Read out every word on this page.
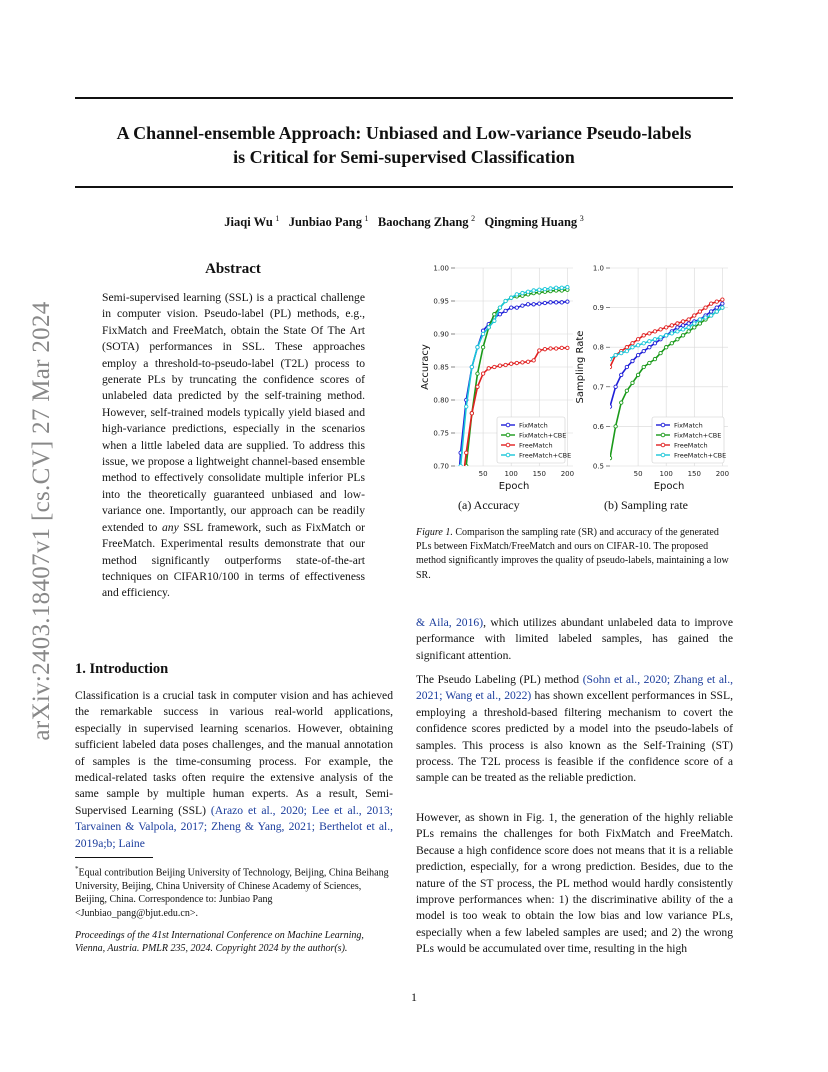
arXiv:2403.18407v1 [cs.CV] 27 Mar 2024
A Channel-ensemble Approach: Unbiased and Low-variance Pseudo-labels
is Critical for Semi-supervised Classification
Jiaqi Wu  $^1$ Junbiao Pang  $^1$ Baochang Zhang  $^2$ Qingming Huang  $^3$
Abstract
Semi-supervised learning (SSL) is a practical challenge in computer vision. Pseudo-label (PL) methods, e.g., FixMatch and FreeMatch, obtain the State Of The Art (SOTA) performances in SSL. These approaches employ a threshold-to-pseudo-label (T2L) process to generate PLs by truncating the confidence scores of unlabeled data predicted by the self-training method. However, self-trained models typically yield biased and high-variance predictions, especially in the scenarios when a little labeled data are supplied. To address this issue, we propose a lightweight channel-based ensemble method to effectively consolidate multiple inferior PLs into the theoretically guaranteed unbiased and low-variance one. Importantly, our approach can be readily extended to any SSL framework, such as FixMatch or FreeMatch. Experimental results demonstrate that our method significantly outperforms state-of-the-art techniques on CIFAR10/100 in terms of effectiveness and efficiency.
1. Introduction
Classification is a crucial task in computer vision and has achieved the remarkable success in various real-world applications, especially in supervised learning scenarios. However, obtaining sufficient labeled data poses challenges, and the manual annotation of samples is the time-consuming process. For example, the medical-related tasks often require the extensive analysis of the same sample by multiple human experts. As a result, Semi-Supervised Learning (SSL) (Arazo et al., 2020; Lee et al., 2013; Tarvainen & Valpola, 2017; Zheng & Yang, 2021; Berthelot et al., 2019a;b; Laine
*Equal contribution Beijing University of Technology, Beijing, China Beihang University, Beijing, China University of Chinese Academy of Sciences, Beijing, China. Correspondence to: Junbiao Pang <Junbiao_pang@bjut.edu.cn>.
Proceedings of the 41st International Conference on Machine Learning, Vienna, Austria. PMLR 235, 2024. Copyright 2024 by the author(s).
0.70
0.75
0.80
0.85
0.90
0.95
1.00
50 100 150 200
Epoch
Accuracy
FixMatch
FixMatch+CBE
FreeMatch
FreeMatch+CBE
0.5
0.6
0.7
0.8
0.9
1.0
50 100 150 200
Epoch
Sampling Rate
FixMatch
FixMatch+CBE
FreeMatch
FreeMatch+CBE
(a) Accuracy	(b) Sampling rate
Figure 1. Comparison the sampling rate (SR) and accuracy of the generated PLs between FixMatch/FreeMatch and ours on CIFAR-10. The proposed method significantly improves the quality of pseudo-labels, maintaining a low SR.
& Aila, 2016), which utilizes abundant unlabeled data to improve performance with limited labeled samples, has gained the significant attention.
The Pseudo Labeling (PL) method (Sohn et al., 2020; Zhang et al., 2021; Wang et al., 2022) has shown excellent performances in SSL, employing a threshold-based filtering mechanism to covert the confidence scores predicted by a model into the pseudo-labels of samples. This process is also known as the Self-Training (ST) process. The T2L process is feasible if the confidence score of a sample can be treated as the reliable prediction.
However, as shown in Fig. 1, the generation of the highly reliable PLs remains the challenges for both FixMatch and FreeMatch. Because a high confidence score does not means that it is a reliable prediction, especially, for a wrong prediction. Besides, due to the nature of the ST process, the PL method would hardly consistently improve performances when: 1) the discriminative ability of the a model is too weak to obtain the low bias and low variance PLs, especially when a few labeled samples are used; and 2) the wrong PLs would be accumulated over time, resulting in the high
1
